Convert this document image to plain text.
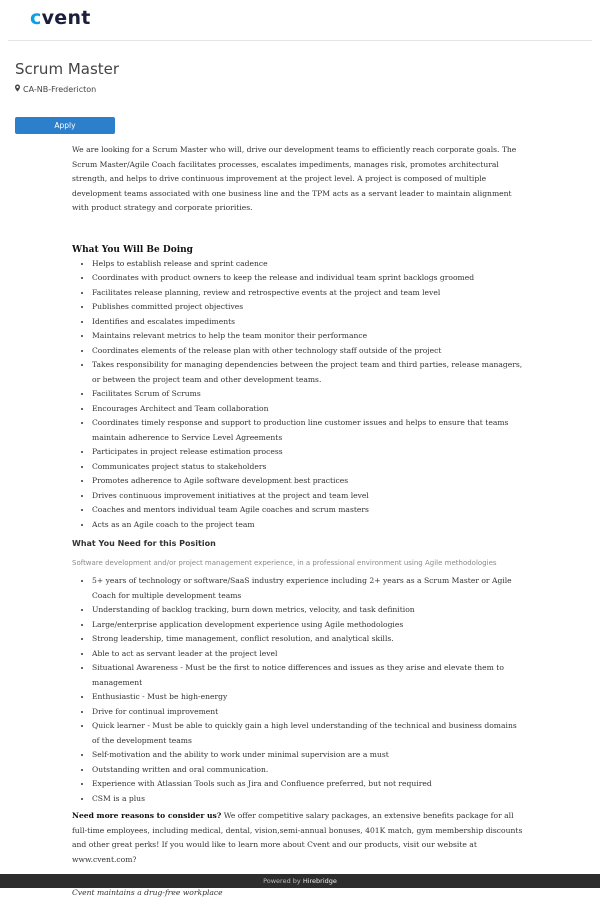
cvent
Scrum Master
CA-NB-Fredericton
Apply

We are looking for a Scrum Master who will, drive our development teams to efficiently reach corporate goals. The Scrum Master/Agile Coach facilitates processes, escalates impediments, manages risk, promotes architectural strength, and helps to drive continuous improvement at the project level. A project is composed of multiple development teams associated with one business line and the TPM acts as a servant leader to maintain alignment with product strategy and corporate priorities.

What You Will Be Doing
• Helps to establish release and sprint cadence
• Coordinates with product owners to keep the release and individual team sprint backlogs groomed
• Facilitates release planning, review and retrospective events at the project and team level
• Publishes committed project objectives
• Identifies and escalates impediments
• Maintains relevant metrics to help the team monitor their performance
• Coordinates elements of the release plan with other technology staff outside of the project
• Takes responsibility for managing dependencies between the project team and third parties, release managers, or between the project team and other development teams.
• Facilitates Scrum of Scrums
• Encourages Architect and Team collaboration
• Coordinates timely response and support to production line customer issues and helps to ensure that teams maintain adherence to Service Level Agreements
• Participates in project release estimation process
• Communicates project status to stakeholders
• Promotes adherence to Agile software development best practices
• Drives continuous improvement initiatives at the project and team level
• Coaches and mentors individual team Agile coaches and scrum masters
• Acts as an Agile coach to the project team
What You Need for this Position

Software development and/or project management experience, in a professional environment using Agile methodologies

• 5+ years of technology or software/SaaS industry experience including 2+ years as a Scrum Master or Agile Coach for multiple development teams
• Understanding of backlog tracking, burn down metrics, velocity, and task definition
• Large/enterprise application development experience using Agile methodologies
• Strong leadership, time management, conflict resolution, and analytical skills.
• Able to act as servant leader at the project level
• Situational Awareness - Must be the first to notice differences and issues as they arise and elevate them to management
• Enthusiastic - Must be high-energy
• Drive for continual improvement
• Quick learner - Must be able to quickly gain a high level understanding of the technical and business domains of the development teams
• Self-motivation and the ability to work under minimal supervision are a must
• Outstanding written and oral communication.
• Experience with Atlassian Tools such as Jira and Confluence preferred, but not required
• CSM is a plus

Need more reasons to consider us? We offer competitive salary packages, an extensive benefits package for all full-time employees, including medical, dental, vision,semi-annual bonuses, 401K match, gym membership discounts and other great perks! If you would like to learn more about Cvent and our products, visit our website at www.cvent.com?

Cvent maintains a drug-free workplace

Powered by Hirebridge
